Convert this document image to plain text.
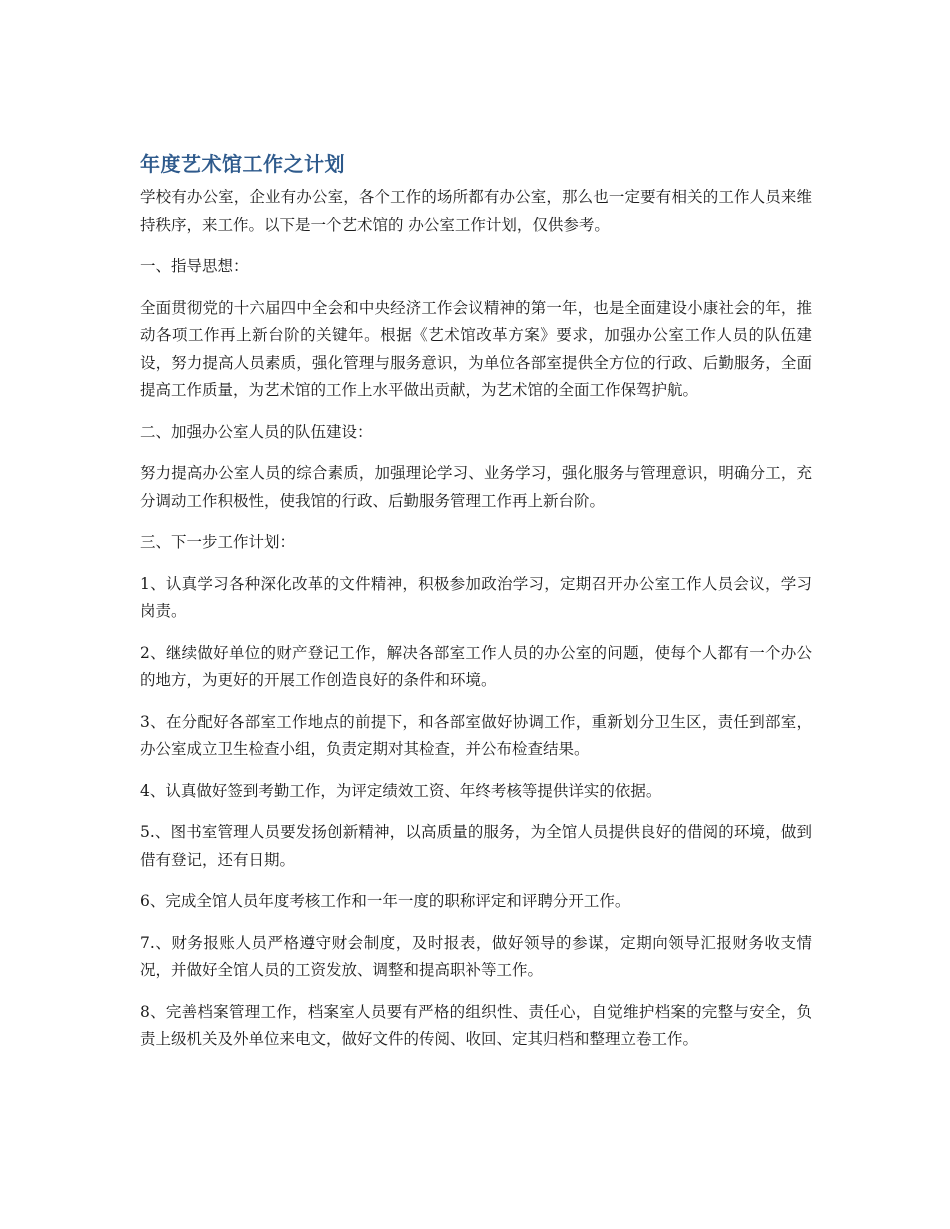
年度艺术馆工作之计划

学校有办公室，企业有办公室，各个工作的场所都有办公室，那么也一定要有相关的工作人员来维持秩序，来工作。以下是一个艺术馆的 办公室工作计划，仅供参考。

一、指导思想：

全面贯彻党的十六届四中全会和中央经济工作会议精神的第一年，也是全面建设小康社会的年，推动各项工作再上新台阶的关键年。根据《艺术馆改革方案》要求，加强办公室工作人员的队伍建设，努力提高人员素质，强化管理与服务意识，为单位各部室提供全方位的行政、后勤服务，全面提高工作质量，为艺术馆的工作上水平做出贡献，为艺术馆的全面工作保驾护航。

二、加强办公室人员的队伍建设：

努力提高办公室人员的综合素质，加强理论学习、业务学习，强化服务与管理意识，明确分工，充分调动工作积极性，使我馆的行政、后勤服务管理工作再上新台阶。

三、下一步工作计划：

1、认真学习各种深化改革的文件精神，积极参加政治学习，定期召开办公室工作人员会议，学习岗责。

2、继续做好单位的财产登记工作，解决各部室工作人员的办公室的问题，使每个人都有一个办公的地方，为更好的开展工作创造良好的条件和环境。

3、在分配好各部室工作地点的前提下，和各部室做好协调工作，重新划分卫生区，责任到部室，办公室成立卫生检查小组，负责定期对其检查，并公布检查结果。

4、认真做好签到考勤工作，为评定绩效工资、年终考核等提供详实的依据。

5.、图书室管理人员要发扬创新精神，以高质量的服务，为全馆人员提供良好的借阅的环境，做到借有登记，还有日期。

6、完成全馆人员年度考核工作和一年一度的职称评定和评聘分开工作。

7.、财务报账人员严格遵守财会制度，及时报表，做好领导的参谋，定期向领导汇报财务收支情况，并做好全馆人员的工资发放、调整和提高职补等工作。

8、完善档案管理工作，档案室人员要有严格的组织性、责任心，自觉维护档案的完整与安全，负责上级机关及外单位来电文，做好文件的传阅、收回、定其归档和整理立卷工作。
